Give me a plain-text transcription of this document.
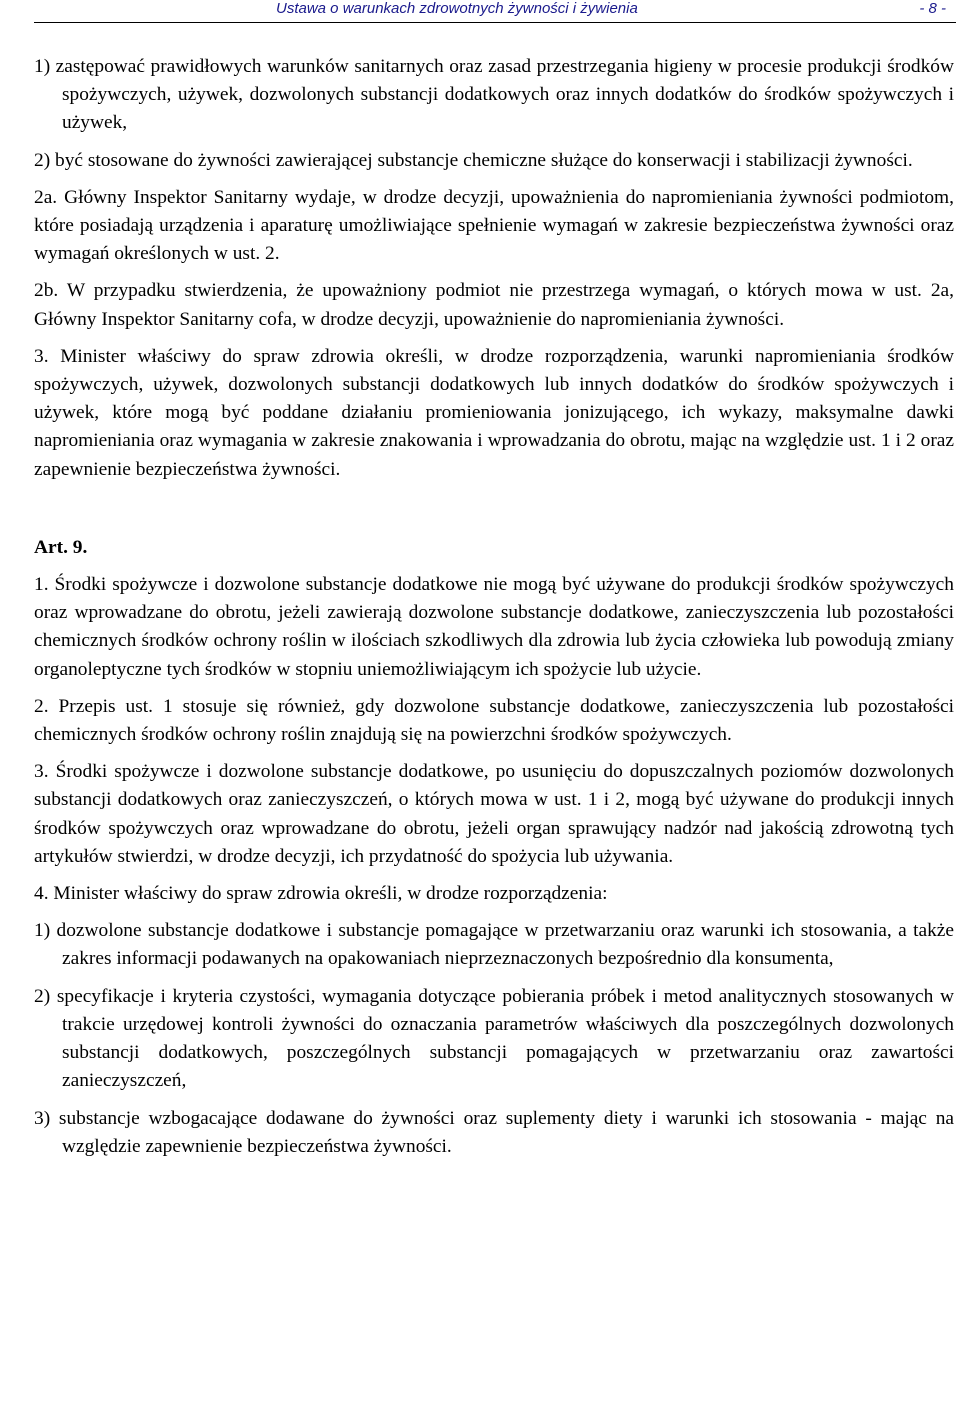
Ustawa o warunkach zdrowotnych żywności i żywienia	- 8 -

1) zastępować prawidłowych warunków sanitarnych oraz zasad przestrzegania higieny w procesie produkcji środków spożywczych, używek, dozwolonych substancji dodatkowych oraz innych dodatków do środków spożywczych i używek,

2) być stosowane do żywności zawierającej substancje chemiczne służące do konserwacji i stabilizacji żywności.

2a. Główny Inspektor Sanitarny wydaje, w drodze decyzji, upoważnienia do napromieniania żywności podmiotom, które posiadają urządzenia i aparaturę umożliwiające spełnienie wymagań w zakresie bezpieczeństwa żywności oraz wymagań określonych w ust. 2.

2b. W przypadku stwierdzenia, że upoważniony podmiot nie przestrzega wymagań, o których mowa w ust. 2a, Główny Inspektor Sanitarny cofa, w drodze decyzji, upoważnienie do napromieniania żywności.

3. Minister właściwy do spraw zdrowia określi, w drodze rozporządzenia, warunki napromieniania środków spożywczych, używek, dozwolonych substancji dodatkowych lub innych dodatków do środków spożywczych i używek, które mogą być poddane działaniu promieniowania jonizującego, ich wykazy, maksymalne dawki napromieniania oraz wymagania w zakresie znakowania i wprowadzania do obrotu, mając na względzie ust. 1 i 2 oraz zapewnienie bezpieczeństwa żywności.

Art. 9.

1. Środki spożywcze i dozwolone substancje dodatkowe nie mogą być używane do produkcji środków spożywczych oraz wprowadzane do obrotu, jeżeli zawierają dozwolone substancje dodatkowe, zanieczyszczenia lub pozostałości chemicznych środków ochrony roślin w ilościach szkodliwych dla zdrowia lub życia człowieka lub powodują zmiany organoleptyczne tych środków w stopniu uniemożliwiającym ich spożycie lub użycie.

2. Przepis ust. 1 stosuje się również, gdy dozwolone substancje dodatkowe, zanieczyszczenia lub pozostałości chemicznych środków ochrony roślin znajdują się na powierzchni środków spożywczych.

3. Środki spożywcze i dozwolone substancje dodatkowe, po usunięciu do dopuszczalnych poziomów dozwolonych substancji dodatkowych oraz zanieczyszczeń, o których mowa w ust. 1 i 2, mogą być używane do produkcji innych środków spożywczych oraz wprowadzane do obrotu, jeżeli organ sprawujący nadzór nad jakością zdrowotną tych artykułów stwierdzi, w drodze decyzji, ich przydatność do spożycia lub używania.

4. Minister właściwy do spraw zdrowia określi, w drodze rozporządzenia:

1) dozwolone substancje dodatkowe i substancje pomagające w przetwarzaniu oraz warunki ich stosowania, a także zakres informacji podawanych na opakowaniach nieprzeznaczonych bezpośrednio dla konsumenta,

2) specyfikacje i kryteria czystości, wymagania dotyczące pobierania próbek i metod analitycznych stosowanych w trakcie urzędowej kontroli żywności do oznaczania parametrów właściwych dla poszczególnych dozwolonych substancji dodatkowych, poszczególnych substancji pomagających w przetwarzaniu oraz zawartości zanieczyszczeń,

3) substancje wzbogacające dodawane do żywności oraz suplementy diety i warunki ich stosowania - mając na względzie zapewnienie bezpieczeństwa żywności.
